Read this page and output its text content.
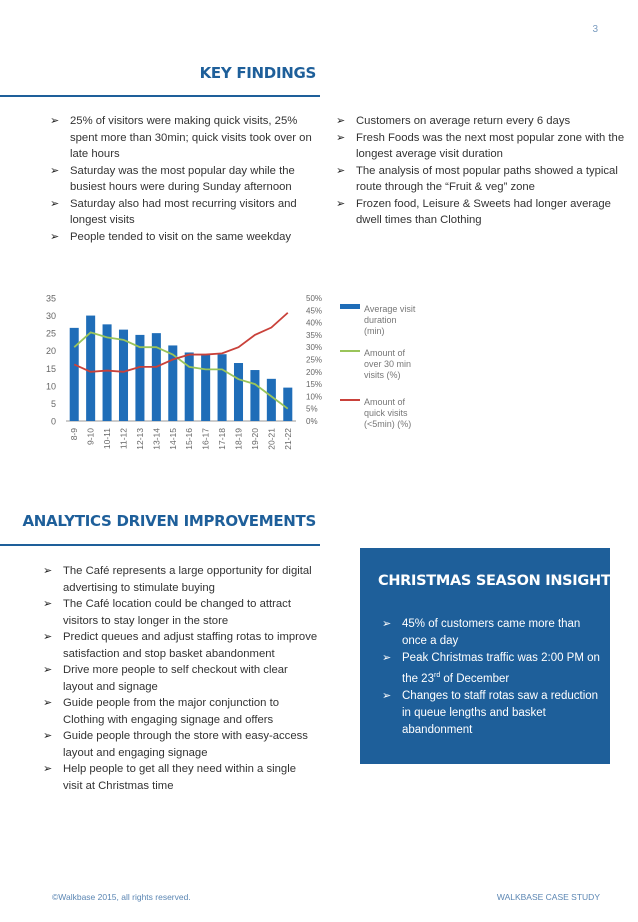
3
KEY FINDINGS
➢ 25% of visitors were making quick visits, 25% spent more than 30min; quick visits took over on late hours
➢ Saturday was the most popular day while the busiest hours were during Sunday afternoon
➢ Saturday also had most recurring visitors and longest visits
➢ People tended to visit on the same weekday
➢ Customers on average return every 6 days
➢ Fresh Foods was the next most popular zone with the longest average visit duration
➢ The analysis of most popular paths showed a typical route through the “Fruit & veg” zone
➢ Frozen food, Leisure & Sweets had longer average dwell times than Clothing
0
5
10
15
20
25
30
35
0%
5%
10%
15%
20%
25%
30%
35%
40%
45%
50%
8-9 9-10 10-11 11-12 12-13 13-14 14-15 15-16 16-17 17-18 18-19 19-20 20-21 21-22
Average visit duration (min)
Amount of over 30 min visits (%)
Amount of quick visits (<5min) (%)
ANALYTICS DRIVEN IMPROVEMENTS
➢ The Café represents a large opportunity for digital advertising to stimulate buying
➢ The Café location could be changed to attract visitors to stay longer in the store
➢ Predict queues and adjust staffing rotas to improve satisfaction and stop basket abandonment
➢ Drive more people to self checkout with clear layout and signage
➢ Guide people from the major conjunction to Clothing with engaging signage and offers
➢ Guide people through the store with easy-access layout and engaging signage
➢ Help people to get all they need within a single visit at Christmas time
CHRISTMAS SEASON INSIGHTS
➢ 45% of customers came more than once a day
➢ Peak Christmas traffic was 2:00 PM on the 23rd of December
➢ Changes to staff rotas saw a reduction in queue lengths and basket abandonment
©Walkbase 2015, all rights reserved.	WALKBASE CASE STUDY
